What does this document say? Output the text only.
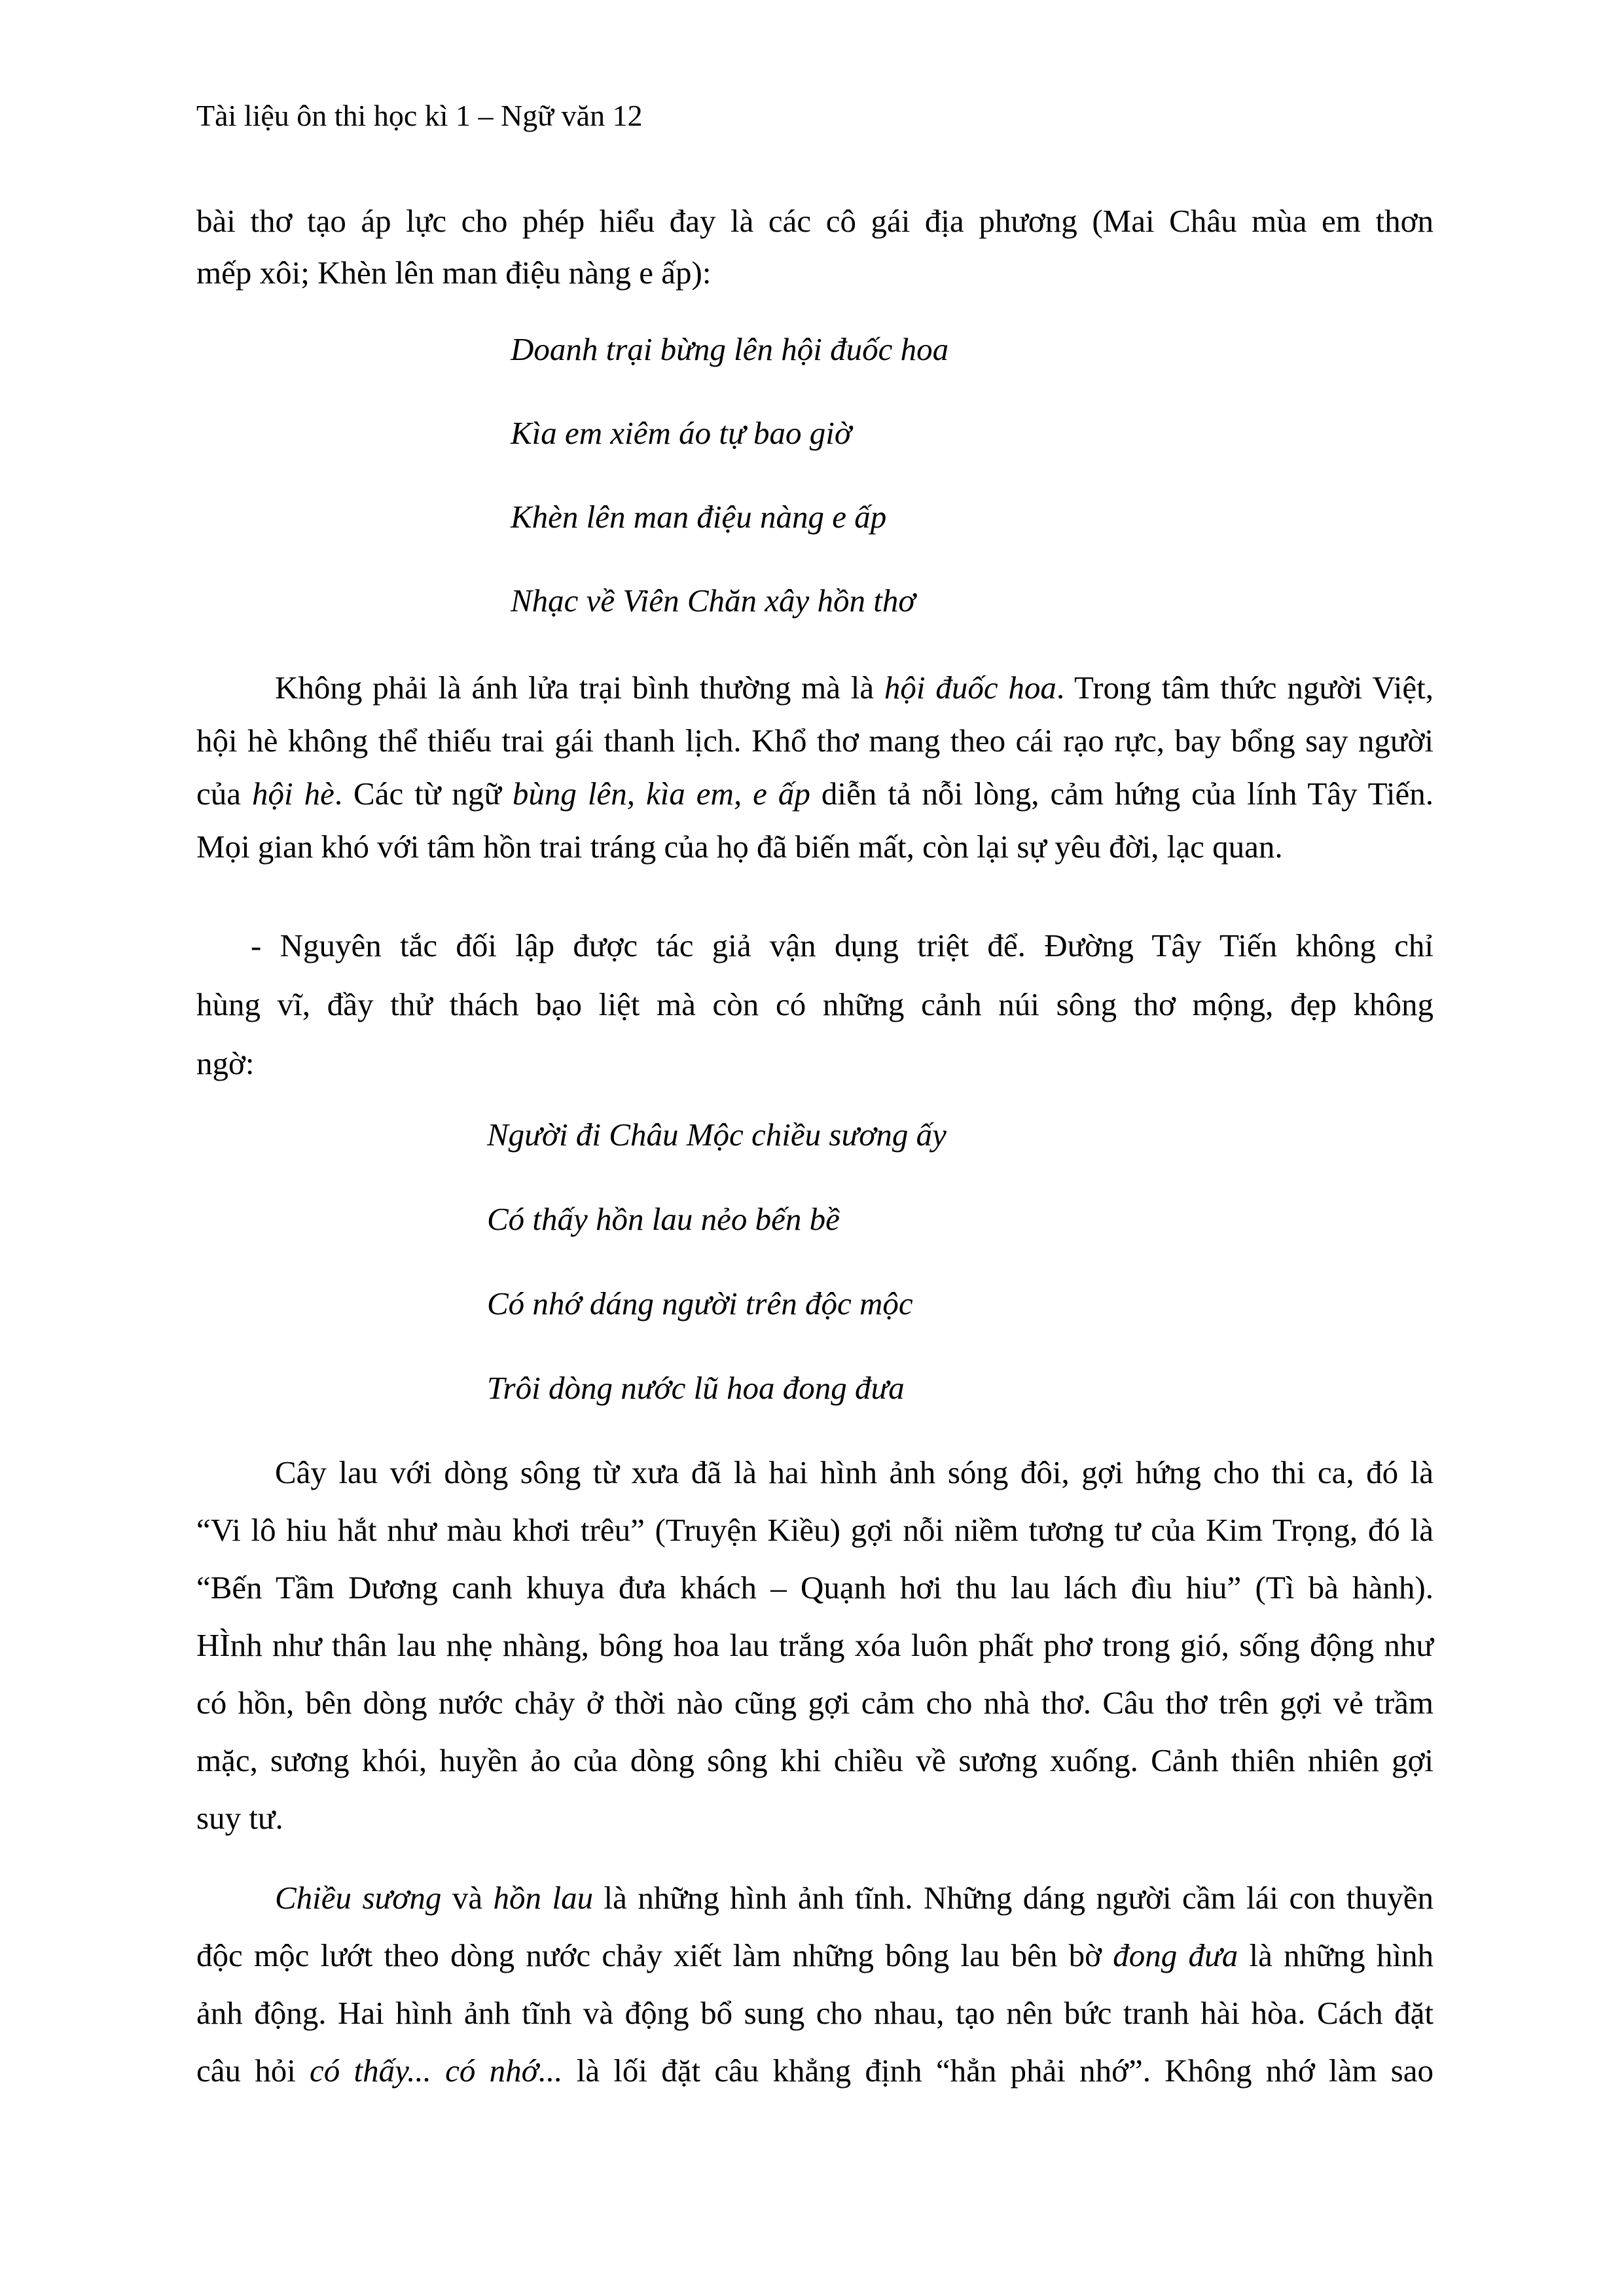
Tài liệu ôn thi học kì 1 – Ngữ văn 12
bài thơ tạo áp lực cho phép hiểu đay là các cô gái địa phương (Mai Châu mùa em thơn
mếp xôi; Khèn lên man điệu nàng e ấp):
Doanh trại bừng lên hội đuốc hoa
Kìa em xiêm áo tự bao giờ
Khèn lên man điệu nàng e ấp
Nhạc về Viên Chăn xây hồn thơ
Không phải là ánh lửa trại bình thường mà là hội đuốc hoa. Trong tâm thức người Việt,
hội hè không thể thiếu trai gái thanh lịch. Khổ thơ mang theo cái rạo rực, bay bổng say người
của hội hè. Các từ ngữ bùng lên, kìa em, e ấp diễn tả nỗi lòng, cảm hứng của lính Tây Tiến.
Mọi gian khó với tâm hồn trai tráng của họ đã biến mất, còn lại sự yêu đời, lạc quan.
- Nguyên tắc đối lập được tác giả vận dụng triệt để. Đường Tây Tiến không chỉ
hùng vĩ, đầy thử thách bạo liệt mà còn có những cảnh núi sông thơ mộng, đẹp không
ngờ:
Người đi Châu Mộc chiều sương ấy
Có thấy hồn lau nẻo bến bề
Có nhớ dáng người trên độc mộc
Trôi dòng nước lũ hoa đong đưa
Cây lau với dòng sông từ xưa đã là hai hình ảnh sóng đôi, gợi hứng cho thi ca, đó là
“Vi lô hiu hắt như màu khơi trêu” (Truyện Kiều) gợi nỗi niềm tương tư của Kim Trọng, đó là
“Bến Tầm Dương canh khuya đưa khách – Quạnh hơi thu lau lách đìu hiu” (Tì bà hành).
HÌnh như thân lau nhẹ nhàng, bông hoa lau trắng xóa luôn phất phơ trong gió, sống động như
có hồn, bên dòng nước chảy ở thời nào cũng gợi cảm cho nhà thơ. Câu thơ trên gợi vẻ trầm
mặc, sương khói, huyền ảo của dòng sông khi chiều về sương xuống. Cảnh thiên nhiên gợi
suy tư.
Chiều sương và hồn lau là những hình ảnh tĩnh. Những dáng người cầm lái con thuyền
độc mộc lướt theo dòng nước chảy xiết làm những bông lau bên bờ đong đưa là những hình
ảnh động. Hai hình ảnh tĩnh và động bổ sung cho nhau, tạo nên bức tranh hài hòa. Cách đặt
câu hỏi có thấy... có nhớ... là lối đặt câu khẳng định “hẳn phải nhớ”. Không nhớ làm sao
